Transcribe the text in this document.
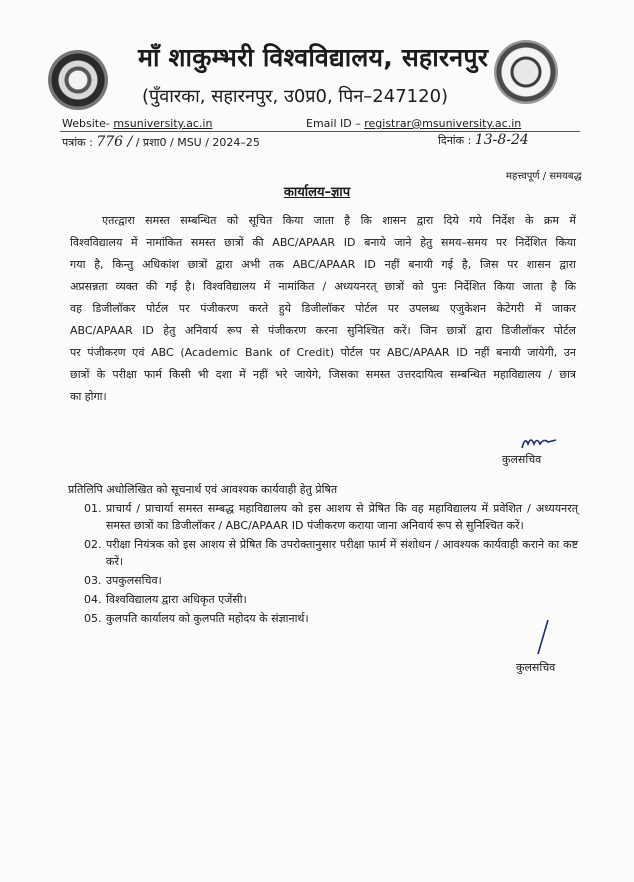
माँ शाकुम्भरी विश्वविद्यालय, सहारनपुर
(पुँवारका, सहारनपुर, उ0प्र0, पिन–247120)
Website- msuniversity.ac.in	Email ID – registrar@msuniversity.ac.in
पत्रांक : 776 / / प्रशा0 / MSU / 2024–25	दिनांक : 13-8-24
महत्त्वपूर्ण / समयबद्ध
कार्यालय–ज्ञाप
एतत्द्वारा समस्त सम्बन्धित को सूचित किया जाता है कि शासन द्वारा दिये गये निर्देश के क्रम में
विश्वविद्यालय में नामांकित समस्त छात्रों की ABC/APAAR ID बनाये जाने हेतु समय–समय पर निर्देशित किया
गया है, किन्तु अधिकांश छात्रों द्वारा अभी तक ABC/APAAR ID नहीं बनायी गई है, जिस पर शासन द्वारा
अप्रसन्नता व्यक्त की गई है। विश्वविद्यालय में नामांकित / अध्ययनरत् छात्रों को पुनः निर्देशित किया जाता है कि
वह डिजीलॉकर पोर्टल पर पंजीकरण करते हुये डिजीलॉकर पोर्टल पर उपलब्ध एजुकेशन केटेगरी में जाकर
ABC/APAAR ID हेतु अनिवार्य रूप से पंजीकरण करना सुनिश्चित करें। जिन छात्रों द्वारा डिजीलॉकर पोर्टल
पर पंजीकरण एवं ABC (Academic Bank of Credit) पोर्टल पर ABC/APAAR ID नहीं बनायी जायेगी, उन
छात्रों के परीक्षा फार्म किसी भी दशा में नहीं भरे जायेगे, जिसका समस्त उत्तरदायित्व सम्बन्धित महाविद्यालय / छात्र
का होगा।
कुलसचिव
प्रतिलिपि अधोलिखित को सूचनार्थ एवं आवश्यक कार्यवाही हेतु प्रेषित
01. प्राचार्य / प्राचार्या समस्त सम्बद्ध महाविद्यालय को इस आशय से प्रेषित कि वह महाविद्यालय में प्रवेशित / अध्ययनरत् समस्त छात्रों का डिजीलॉकर / ABC/APAAR ID पंजीकरण कराया जाना अनिवार्य रूप से सुनिश्चित करें।
02. परीक्षा नियंत्रक को इस आशय से प्रेषित कि उपरोक्तानुसार परीक्षा फार्म में संशोधन / आवश्यक कार्यवाही कराने का कष्ट करें।
03. उपकुलसचिव।
04. विश्वविद्यालय द्वारा अधिकृत एजेंसी।
05. कुलपति कार्यालय को कुलपति महोदय के संज्ञानार्थ।
कुलसचिव
